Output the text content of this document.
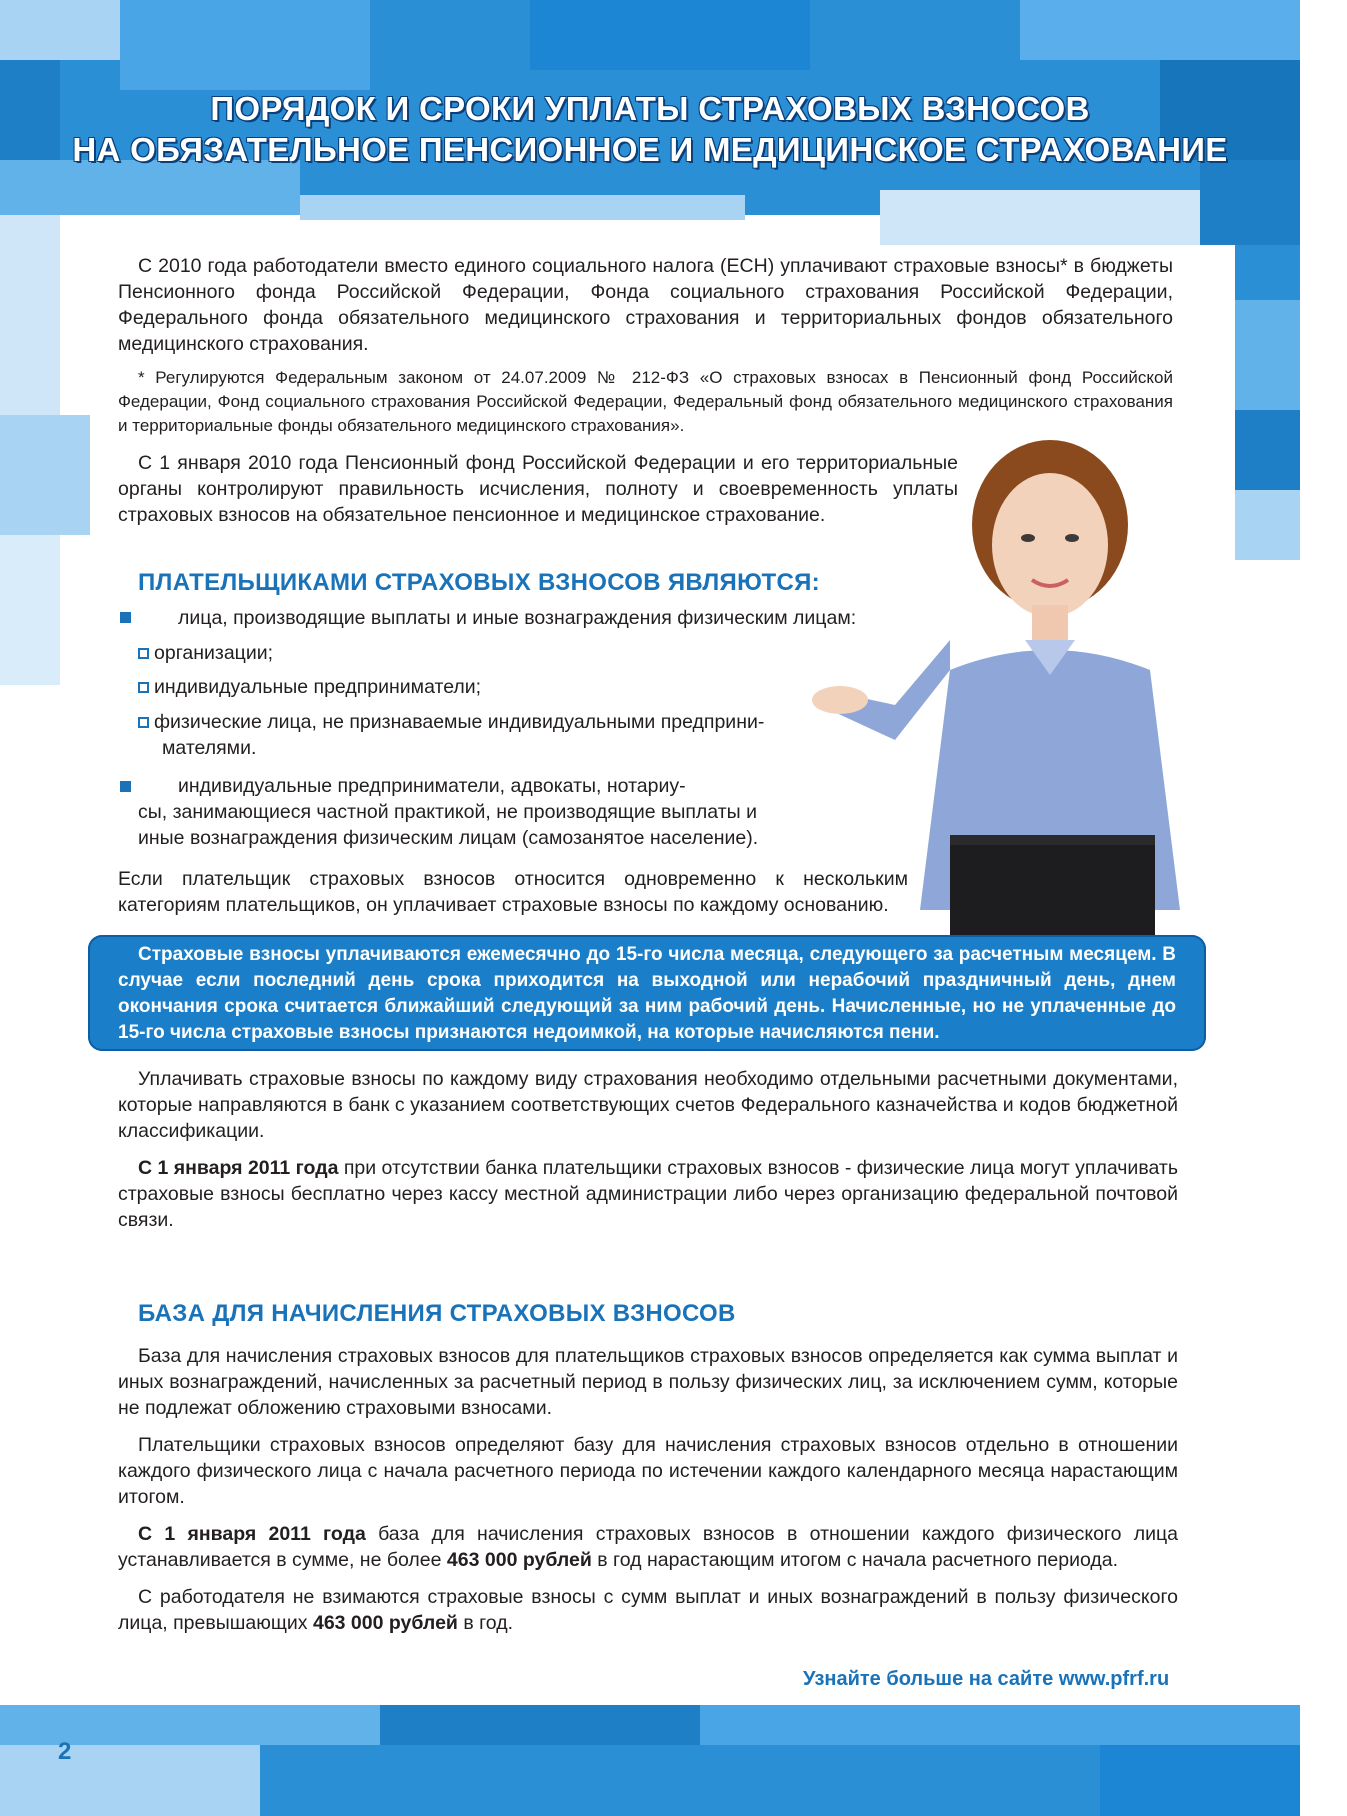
ПОРЯДОК И СРОКИ УПЛАТЫ СТРАХОВЫХ ВЗНОСОВ
НА ОБЯЗАТЕЛЬНОЕ ПЕНСИОННОЕ И МЕДИЦИНСКОЕ СТРАХОВАНИЕ

С 2010 года работодатели вместо единого социального налога (ЕСН) уплачивают страховые взносы* в бюджеты Пенсионного фонда Российской Федерации, Фонда социального страхования Российской Федерации, Федерального фонда обязательного медицинского страхования и территориальных фондов обязательного медицинского страхования.

* Регулируются Федеральным законом от 24.07.2009 № 212-ФЗ «О страховых взносах в Пенсионный фонд Российской Федерации, Фонд социального страхования Российской Федерации, Федеральный фонд обязательного медицинского страхования и территориальные фонды обязательного медицинского страхования».

С 1 января 2010 года Пенсионный фонд Российской Федерации и его территориальные органы контролируют правильность исчисления, полноту и своевременность уплаты страховых взносов на обязательное пенсионное и медицинское страхование.

ПЛАТЕЛЬЩИКАМИ СТРАХОВЫХ ВЗНОСОВ ЯВЛЯЮТСЯ:
лица, производящие выплаты и иные вознаграждения физическим лицам:
организации;
индивидуальные предприниматели;
физические лица, не признаваемые индивидуальными предприни-
мателями.
индивидуальные предприниматели, адвокаты, нотариу-
сы, занимающиеся частной практикой, не производящие выплаты и
иные вознаграждения физическим лицам (самозанятое население).

Если плательщик страховых взносов относится одновременно к нескольким категориям плательщиков, он уплачивает страховые взносы по каждому основанию.

Страховые взносы уплачиваются ежемесячно до 15-го числа месяца, следующего за расчетным месяцем. В случае если последний день срока приходится на выходной или нерабочий праздничный день, днем окончания срока считается ближайший следующий за ним рабочий день. Начисленные, но не уплаченные до 15-го числа страховые взносы признаются недоимкой, на которые начисляются пени.

Уплачивать страховые взносы по каждому виду страхования необходимо отдельными расчетными документами, которые направляются в банк с указанием соответствующих счетов Федерального казначейства и кодов бюджетной классификации.

С 1 января 2011 года при отсутствии банка плательщики страховых взносов - физические лица могут уплачивать страховые взносы бесплатно через кассу местной администрации либо через организацию федеральной почтовой связи.

БАЗА ДЛЯ НАЧИСЛЕНИЯ СТРАХОВЫХ ВЗНОСОВ

База для начисления страховых взносов для плательщиков страховых взносов определяется как сумма выплат и иных вознаграждений, начисленных за расчетный период в пользу физических лиц, за исключением сумм, которые не подлежат обложению страховыми взносами.

Плательщики страховых взносов определяют базу для начисления страховых взносов отдельно в отношении каждого физического лица с начала расчетного периода по истечении каждого календарного месяца нарастающим итогом.

С 1 января 2011 года база для начисления страховых взносов в отношении каждого физического лица устанавливается в сумме, не более 463 000 рублей в год нарастающим итогом с начала расчетного периода.

С работодателя не взимаются страховые взносы с сумм выплат и иных вознаграждений в пользу физического лица, превышающих 463 000 рублей в год.

Узнайте больше на сайте www.pfrf.ru
2
